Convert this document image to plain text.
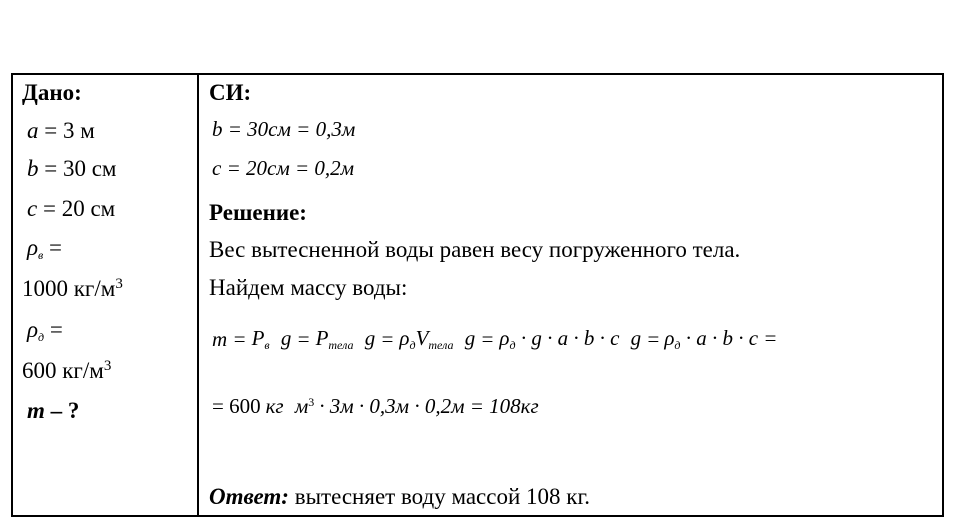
Дано:
a = 3 м
b = 30 см
c = 20 см
$\rho_в$ =
1000 $кг/м^3$
$\rho_д$ =
600 $кг/м^3$
m – ?
СИ:
b = 30см = 0,3м
c = 20см = 0,2м
Решение:
Вес вытесненной воды равен весу погруженного тела.
Найдем массу воды:
$m = P_в$ $g = P_{тела}$ $g = \rho_дV_{тела}$ $g = \rho_д \cdot g \cdot a \cdot b \cdot c$ $g = \rho_д \cdot a \cdot b \cdot c$ =
= 600 кг $м^3 \cdot 3м \cdot 0,3м \cdot 0,2м = 108кг$
Ответ: вытесняет воду массой 108 кг.
